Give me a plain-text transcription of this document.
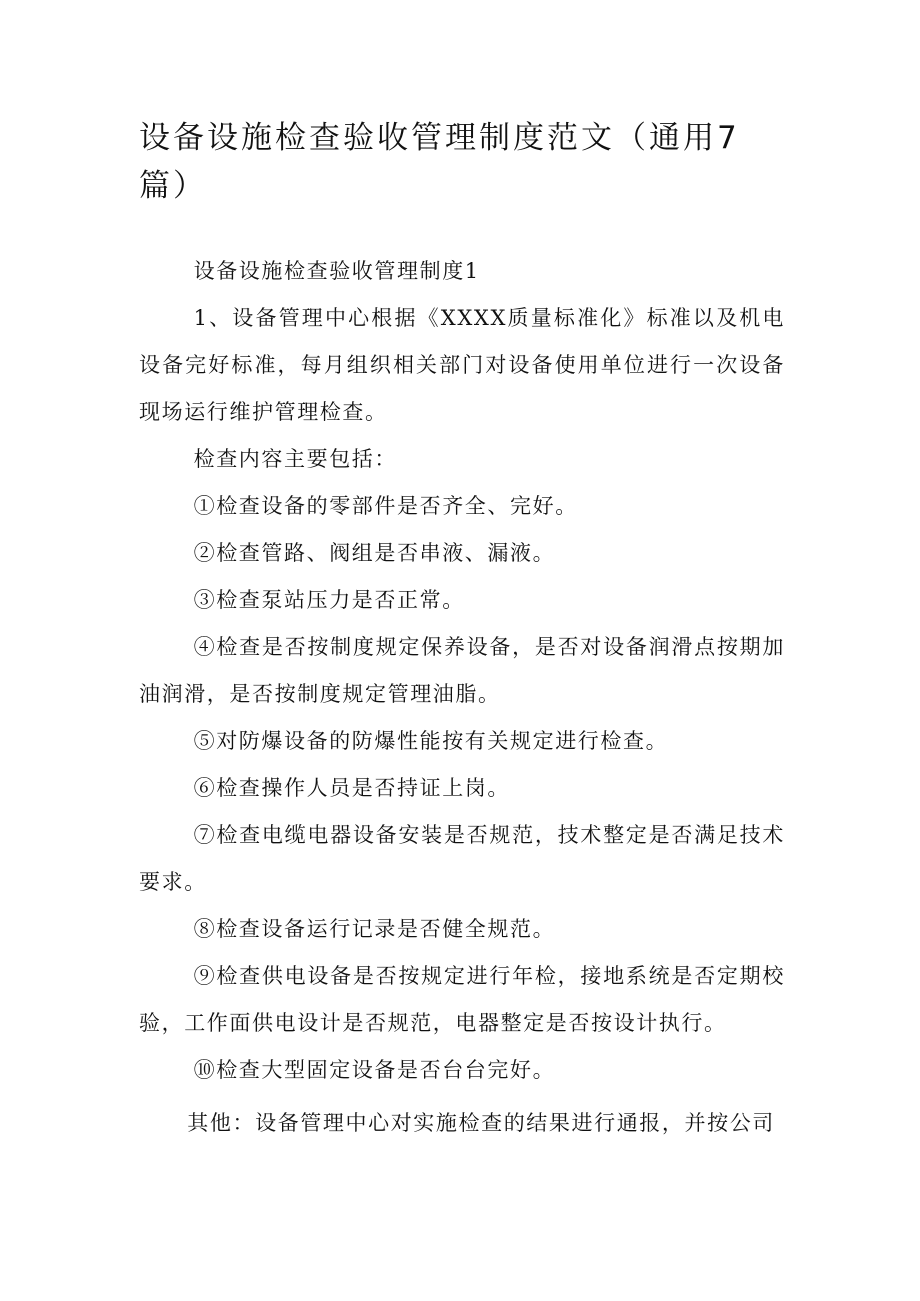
设备设施检查验收管理制度范文（通用7篇）

设备设施检查验收管理制度1

1、设备管理中心根据《XXXX质量标准化》标准以及机电设备完好标准，每月组织相关部门对设备使用单位进行一次设备现场运行维护管理检查。

检查内容主要包括：

①检查设备的零部件是否齐全、完好。

②检查管路、阀组是否串液、漏液。

③检查泵站压力是否正常。

④检查是否按制度规定保养设备，是否对设备润滑点按期加油润滑，是否按制度规定管理油脂。

⑤对防爆设备的防爆性能按有关规定进行检查。

⑥检查操作人员是否持证上岗。

⑦检查电缆电器设备安装是否规范，技术整定是否满足技术要求。

⑧检查设备运行记录是否健全规范。

⑨检查供电设备是否按规定进行年检，接地系统是否定期校验，工作面供电设计是否规范，电器整定是否按设计执行。

⑩检查大型固定设备是否台台完好。

其他：设备管理中心对实施检查的结果进行通报，并按公司
